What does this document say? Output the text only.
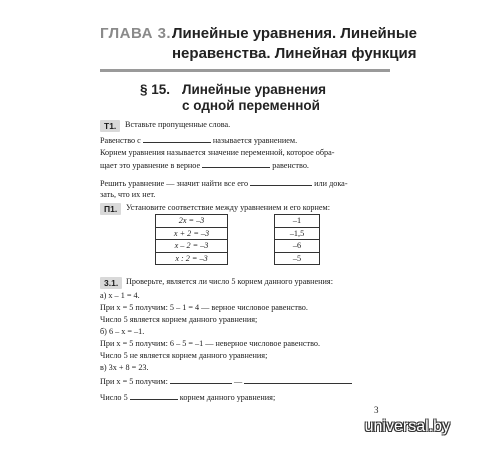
ГЛАВА 3. Линейные уравнения. Линейные
неравенства. Линейная функция
§ 15. Линейные уравнения
с одной переменной
Т1.	Вставьте пропущенные слова.
Равенство с	называется уравнением.
Корнем уравнения называется значение переменной, которое обра-
щает это уравнение в верное	равенство.
Решить уравнение — значит найти все его	или дока-
зать, что их нет.
П1.	Установите соответствие между уравнением и его корнем:
2x = –3
x + 2 = –3
x – 2 = –3
x : 2 = –3
–1
–1,5
–6
–5
3.1. Проверьте, является ли число 5 корнем данного уравнения:
а) x – 1 = 4.
При x = 5 получим: 5 – 1 = 4 — верное числовое равенство.
Число 5 является корнем данного уравнения;
б) 6 – x = –1.
При x = 5 получим: 6 – 5 = –1 — неверное числовое равенство.
Число 5 не является корнем данного уравнения;
в) 3x + 8 = 23.
При x = 5 получим:	—
Число 5	корнем данного уравнения;
3
universal.by
